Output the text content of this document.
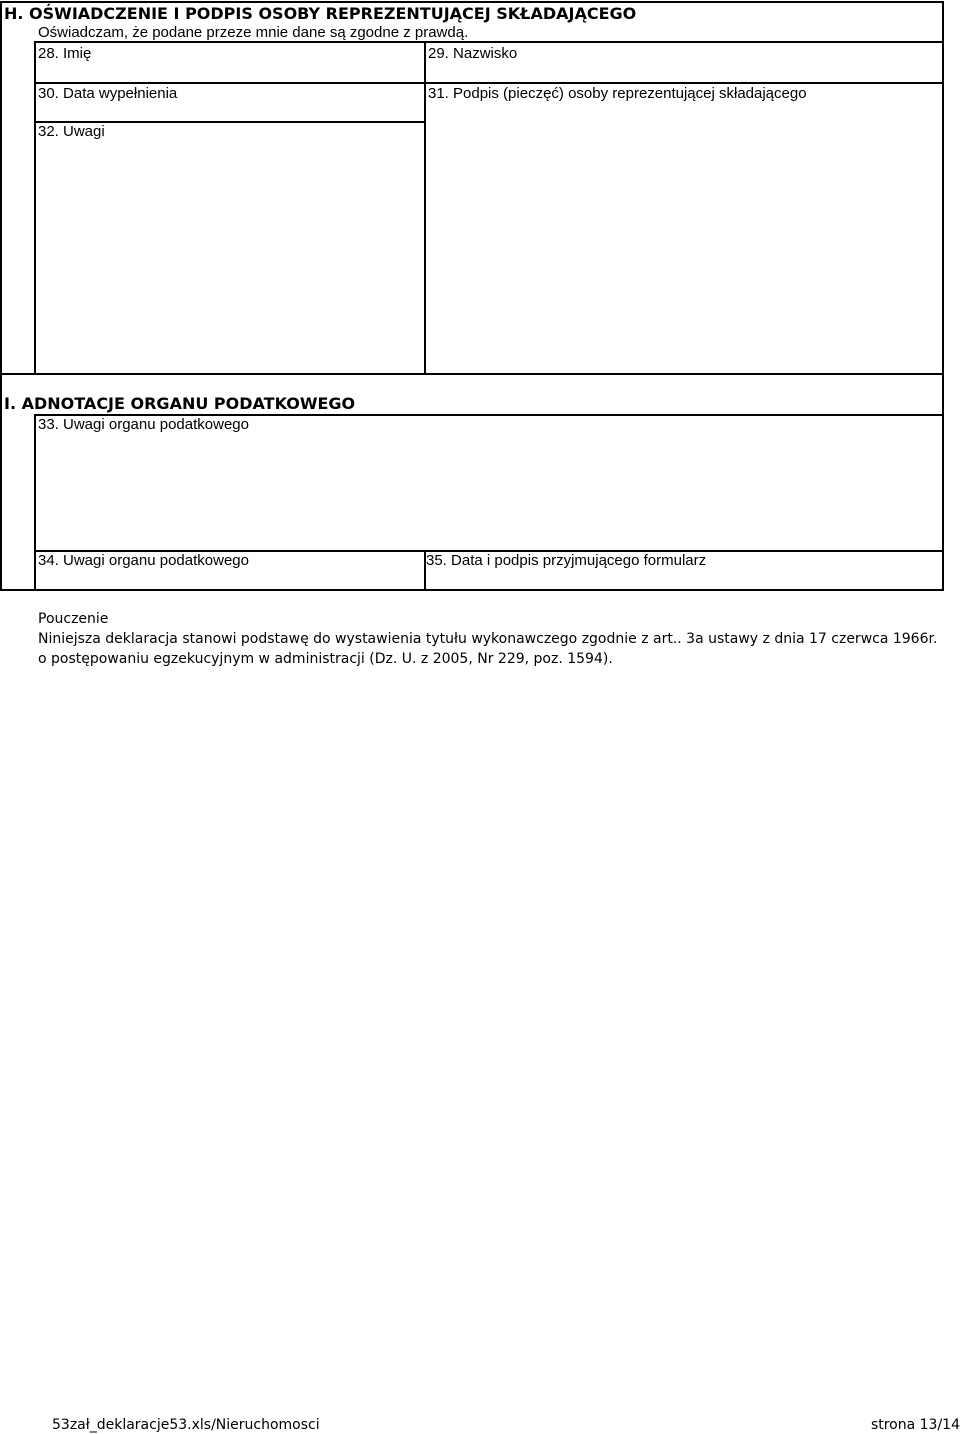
H. OŚWIADCZENIE I PODPIS OSOBY REPREZENTUJĄCEJ SKŁADAJĄCEGO
Oświadczam, że podane przeze mnie dane są zgodne z prawdą.
28. Imię	29. Nazwisko
30. Data wypełnienia	31. Podpis (pieczęć) osoby reprezentującej składającego
32. Uwagi
I. ADNOTACJE ORGANU PODATKOWEGO
33. Uwagi organu podatkowego
34. Uwagi organu podatkowego	35. Data i podpis przyjmującego formularz
Pouczenie
Niniejsza deklaracja stanowi podstawę do wystawienia tytułu wykonawczego zgodnie z art.. 3a ustawy z dnia 17 czerwca 1966r.
o postępowaniu egzekucyjnym w administracji (Dz. U. z 2005, Nr 229, poz. 1594).
53zał_deklaracje53.xls/Nieruchomosci	strona 13/14
